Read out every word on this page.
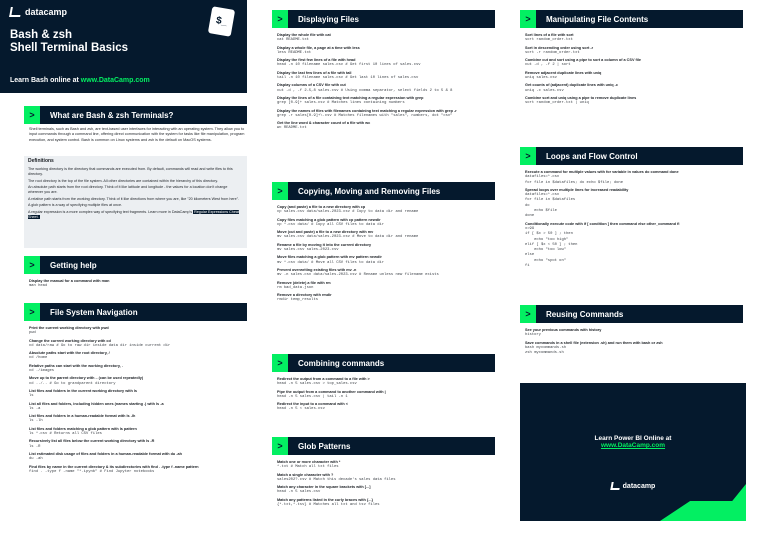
datacamp
$_
Bash & zsh
Shell Terminal Basics
Learn Bash online at www.DataCamp.com
>	What are Bash & zsh Terminals?
Shell terminals, such as Bash and zsh, are text-based user interfaces for interacting with an operating system. They allow you to input commands through a command line, offering direct communication with the system for tasks like file manipulation, program execution, and system control. Bash is common on Linux systems and zsh is the default on MacOS systems.
Definitions

The working directory is the directory that commands are executed from. By default, commands will read and write files to this directory.

The root directory is the top of the file system. All other directories are contained within the hierarchy of this directory.

An absolute path starts from the root directory. Think of it like latitude and longitude - the values for a location don't change wherever you are.

A relative path starts from the working directory. Think of it like directions from where you are, like "20 kilometers West from here".

A glob pattern is a way of specifying multiple files at once.

A regular expression is a more complex way of specifying text fragments. Learn more in DataCamp's Regular Expressions Cheat Sheet.

>	Getting help
Display the manual for a command with man
man head
>	File System Navigation
Print the current working directory with pwd
pwd
Change the current working directory with cd
cd data/raw # Go to raw dir inside data dir inside current dir
Absolute paths start with the root directory, /
cd /home
Relative paths can start with the working directory, .
cd ./images
Move up to the parent directory with .. (can be used repeatedly)
cd ../.. # Go to grandparent directory
List files and folders in the current working directory with ls
ls
List all files and folders, including hidden ones (names starting .) with ls -a
ls -a
List files and folders in a human-readable format with ls -lh
ls -lh
List files and folders matching a glob pattern with ls pattern
ls *.csv # Returns all CSV files
Recursively list all files below the current working directory with ls -R
ls -R
List estimated disk usage of files and folders in a human-readable format with du -ah
du -ah
Find files by name in the current directory & its subdirectories with find . -type f -name pattern
find . -type f -name "*.ipynb" # Find Jupyter notebooks
>	Displaying Files
Display the whole file with cat
cat README.txt
Display a whole file, a page at a time with less
less README.txt
Display the first few lines of a file with head
head -n 10 filename sales.csv # Get first 10 lines of sales.csv
Display the last few lines of a file with tail
tail -n 10 filename sales.csv # Get last 10 lines of sales.csv
Display columns of a CSV file with cut
cut -d , -f 2-5,8 sales.csv # Using comma separator, select fields 2 to 5 & 8
Display the lines of a file containing text matching a regular expression with grep
grep [0-9]+ sales.csv # Matches lines containing numbers
Display the names of files with filenames containing text matching a regular expression with grep -r
grep -r sales[0-9]+\.csv # Matches filenames with "sales", numbers, dot "csv"
Get the line word & character count of a file with wc
wc README.txt
>	Copying, Moving and Removing Files
Copy (and paste) a file to a new directory with cp
cp sales.csv data/sales-2023.csv # Copy to data dir and rename
Copy files matching a glob pattern with cp pattern newdir
cp *.csv data/ # Copy all CSV files to data dir
Move (cut and paste) a file to a new directory with mv
mv sales.csv data/sales-2023.csv # Move to data dir and rename
Rename a file by moving it into the current directory
mv sales.csv sales-2023.csv
Move files matching a glob pattern with mv pattern newdir
mv *.csv data/ # Move all CSV files to data dir
Prevent overwriting existing files with mv -n
mv -n sales.csv data/sales-2023.csv # Rename unless new filename exists
Remove (delete) a file with rm
rm bad_data.json
Remove a directory with rmdir
rmdir temp_results
>	Combining commands
Redirect the output from a command to a file with >
head -n 5 sales.csv > top_sales.csv
Pipe the output from a command to another command with |
head -n 5 sales.csv | tail -n 1
Redirect the input to a command with <
head -n 5 < sales.csv
>	Glob Patterns
Match one or more character with *
*.txt # Match all txt files
Match a single character with ?
sales202?.csv # Match this decade's sales data files
Match any character in the square brackets with [...]
head -n 5 sales.csv
Match any patterns listed in the curly braces with {...}
{*.txt,*.tsv} # Matches all txt and tsv files
>	Manipulating File Contents
Sort lines of a file with sort
sort random_order.txt
Sort in descending order using sort -r
sort -r random_order.txt
Combine cut and sort using a pipe to sort a column of a CSV file
cut -d , -f 2 | sort
Remove adjacent duplicate lines with uniq
uniq sales.csv
Get counts of (adjacent) duplicate lines with uniq -c
uniq -c sales.csv
Combine sort and uniq using a pipe to remove duplicate lines
sort random_order.txt | uniq
>	Loops and Flow Control
Execute a command for multiple values with for variable in values do command done
datafiles=*.csv
for file in $datafiles; do echo $file; done
Spread loops over multiple lines for increased readability
datafiles=*.csv
for file in $datafiles
do
echo $file
done
Conditionally execute code with if [ condition ] then command else other_command fi
x=99
if [ $x > 50 ] ; then
echo "too high"
elif [ $x < 50 ] ; then
echo "too low"
else
echo "spot on"
fi
>	Reusing Commands
See your previous commands with history
history
Save commands in a shell file (extension .sh) and run them with bash or zsh
bash mycommands.sh
zsh mycommands.sh
Learn Power BI Online at
www.DataCamp.com
datacamp
